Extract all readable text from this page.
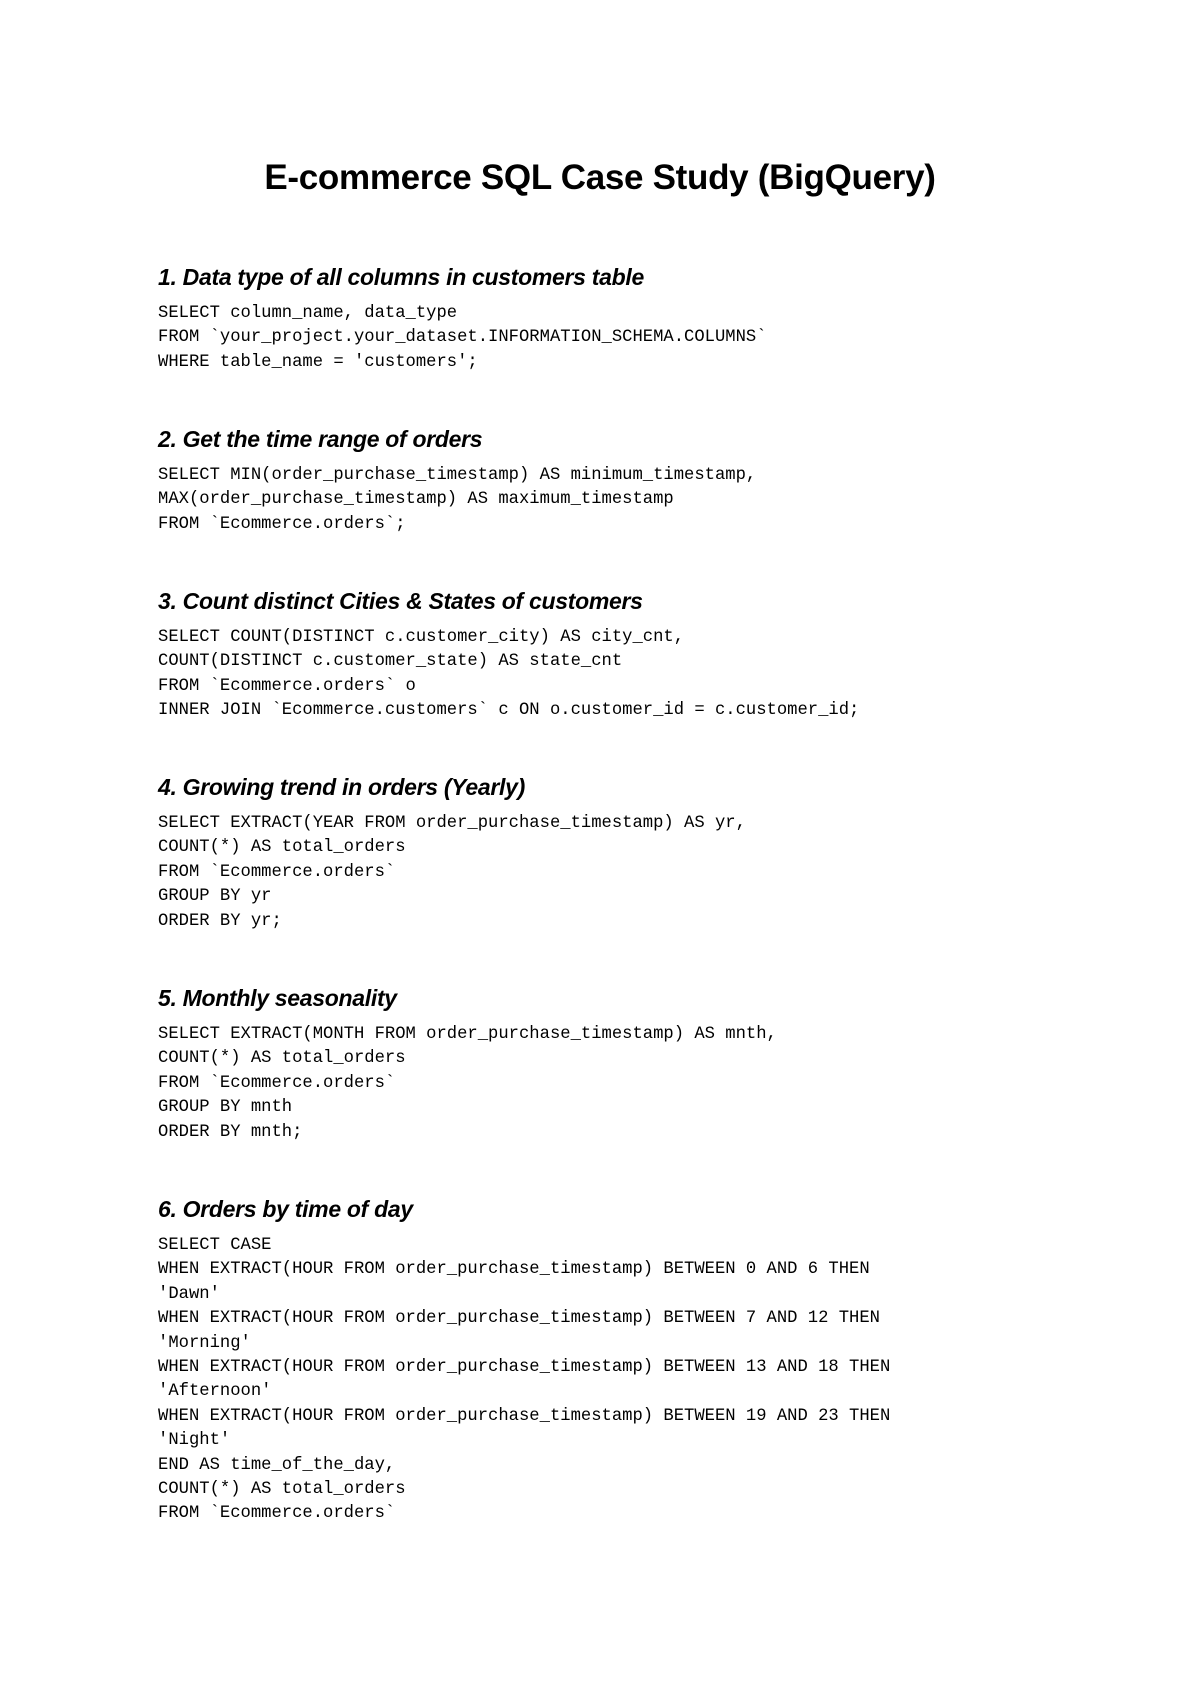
E-commerce SQL Case Study (BigQuery)
1. Data type of all columns in customers table
SELECT column_name, data_type
FROM `your_project.your_dataset.INFORMATION_SCHEMA.COLUMNS`
WHERE table_name = 'customers';
2. Get the time range of orders
SELECT MIN(order_purchase_timestamp) AS minimum_timestamp,
MAX(order_purchase_timestamp) AS maximum_timestamp
FROM `Ecommerce.orders`;
3. Count distinct Cities & States of customers
SELECT COUNT(DISTINCT c.customer_city) AS city_cnt,
COUNT(DISTINCT c.customer_state) AS state_cnt
FROM `Ecommerce.orders` o
INNER JOIN `Ecommerce.customers` c ON o.customer_id = c.customer_id;
4. Growing trend in orders (Yearly)
SELECT EXTRACT(YEAR FROM order_purchase_timestamp) AS yr,
COUNT(*) AS total_orders
FROM `Ecommerce.orders`
GROUP BY yr
ORDER BY yr;
5. Monthly seasonality
SELECT EXTRACT(MONTH FROM order_purchase_timestamp) AS mnth,
COUNT(*) AS total_orders
FROM `Ecommerce.orders`
GROUP BY mnth
ORDER BY mnth;
6. Orders by time of day
SELECT CASE
WHEN EXTRACT(HOUR FROM order_purchase_timestamp) BETWEEN 0 AND 6 THEN
'Dawn'
WHEN EXTRACT(HOUR FROM order_purchase_timestamp) BETWEEN 7 AND 12 THEN
'Morning'
WHEN EXTRACT(HOUR FROM order_purchase_timestamp) BETWEEN 13 AND 18 THEN
'Afternoon'
WHEN EXTRACT(HOUR FROM order_purchase_timestamp) BETWEEN 19 AND 23 THEN
'Night'
END AS time_of_the_day,
COUNT(*) AS total_orders
FROM `Ecommerce.orders`
